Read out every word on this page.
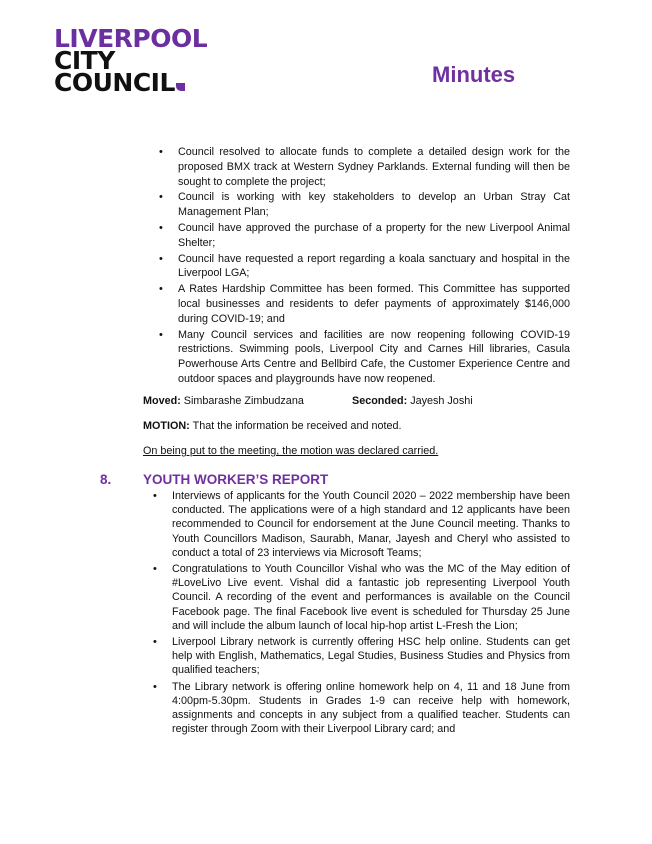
LIVERPOOL
CITY
COUNCIL	Minutes
• Council resolved to allocate funds to complete a detailed design work for the proposed BMX track at Western Sydney Parklands. External funding will then be sought to complete the project;
• Council is working with key stakeholders to develop an Urban Stray Cat Management Plan;
• Council have approved the purchase of a property for the new Liverpool Animal Shelter;
• Council have requested a report regarding a koala sanctuary and hospital in the Liverpool LGA;
• A Rates Hardship Committee has been formed. This Committee has supported local businesses and residents to defer payments of approximately $146,000 during COVID-19; and
• Many Council services and facilities are now reopening following COVID-19 restrictions. Swimming pools, Liverpool City and Carnes Hill libraries, Casula Powerhouse Arts Centre and Bellbird Cafe, the Customer Experience Centre and outdoor spaces and playgrounds have now reopened.
Moved: Simbarashe Zimbudzana	Seconded: Jayesh Joshi
MOTION: That the information be received and noted.
On being put to the meeting, the motion was declared carried.
8. YOUTH WORKER’S REPORT
• Interviews of applicants for the Youth Council 2020 – 2022 membership have been conducted. The applications were of a high standard and 12 applicants have been recommended to Council for endorsement at the June Council meeting. Thanks to Youth Councillors Madison, Saurabh, Manar, Jayesh and Cheryl who assisted to conduct a total of 23 interviews via Microsoft Teams;
• Congratulations to Youth Councillor Vishal who was the MC of the May edition of #LoveLivo Live event. Vishal did a fantastic job representing Liverpool Youth Council. A recording of the event and performances is available on the Council Facebook page. The final Facebook live event is scheduled for Thursday 25 June and will include the album launch of local hip-hop artist L-Fresh the Lion;
• Liverpool Library network is currently offering HSC help online. Students can get help with English, Mathematics, Legal Studies, Business Studies and Physics from qualified teachers;
• The Library network is offering online homework help on 4, 11 and 18 June from 4:00pm-5.30pm. Students in Grades 1-9 can receive help with homework, assignments and concepts in any subject from a qualified teacher. Students can register through Zoom with their Liverpool Library card; and
